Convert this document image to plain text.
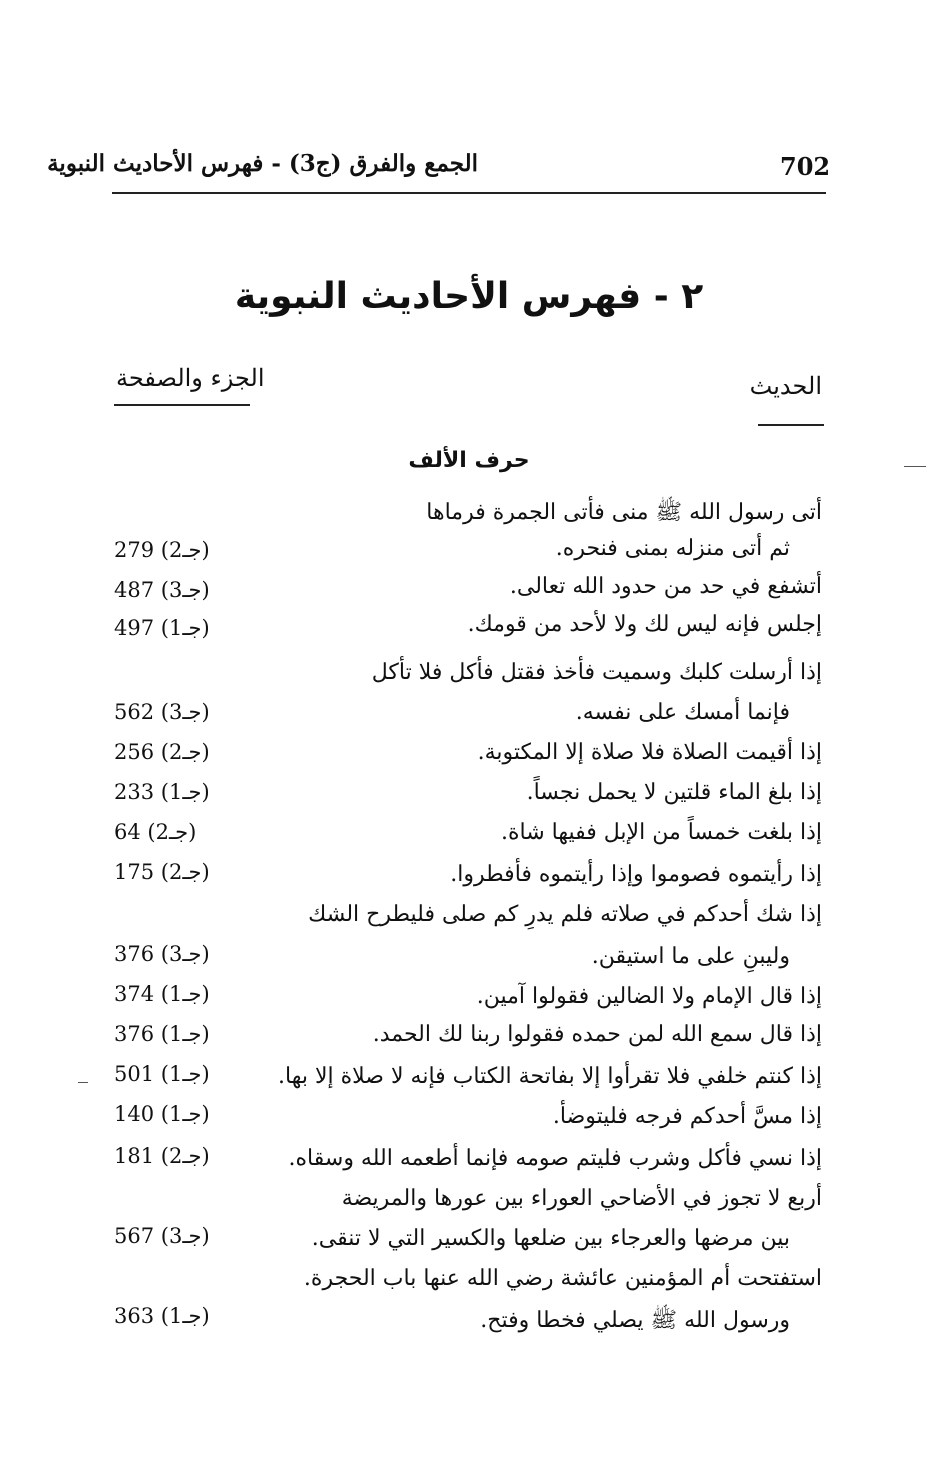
702
الجمع والفرق (ج3) - فهرس الأحاديث النبوية
٢ - فهرس الأحاديث النبوية
الجزء والصفحة	الحديث
حرف الألف
أتى رسول الله ﷺ منى فأتى الجمرة فرماها
ثم أتى منزله بمنى فنحره.
أتشفع في حد من حدود الله تعالى.
إجلس فإنه ليس لك ولا لأحد من قومك.
إذا أرسلت كلبك وسميت فأخذ فقتل فأكل فلا تأكل
فإنما أمسك على نفسه.
إذا أقيمت الصلاة فلا صلاة إلا المكتوبة.
إذا بلغ الماء قلتين لا يحمل نجساً.
إذا بلغت خمساً من الإبل ففيها شاة.
إذا رأيتموه فصوموا وإذا رأيتموه فأفطروا.
إذا شك أحدكم في صلاته فلم يدرِ كم صلى فليطرح الشك
وليبنِ على ما استيقن.
إذا قال الإمام ولا الضالين فقولوا آمين.
إذا قال سمع الله لمن حمده فقولوا ربنا لك الحمد.
إذا كنتم خلفي فلا تقرأوا إلا بفاتحة الكتاب فإنه لا صلاة إلا بها.
إذا مسَّ أحدكم فرجه فليتوضأ.
إذا نسي فأكل وشرب فليتم صومه فإنما أطعمه الله وسقاه.
أربع لا تجوز في الأضاحي العوراء بين عورها والمريضة
بين مرضها والعرجاء بين ضلعها والكسير التي لا تنقى.
استفتحت أم المؤمنين عائشة رضي الله عنها باب الحجرة.
ورسول الله ﷺ يصلي فخطا وفتح.
279 (جـ2)
487 (جـ3)
497 (جـ1)
562 (جـ3)
256 (جـ2)
233 (جـ1)
64 (جـ2)
175 (جـ2)
376 (جـ3)
374 (جـ1)
376 (جـ1)
501 (جـ1)
140 (جـ1)
181 (جـ2)
567 (جـ3)
363 (جـ1)
